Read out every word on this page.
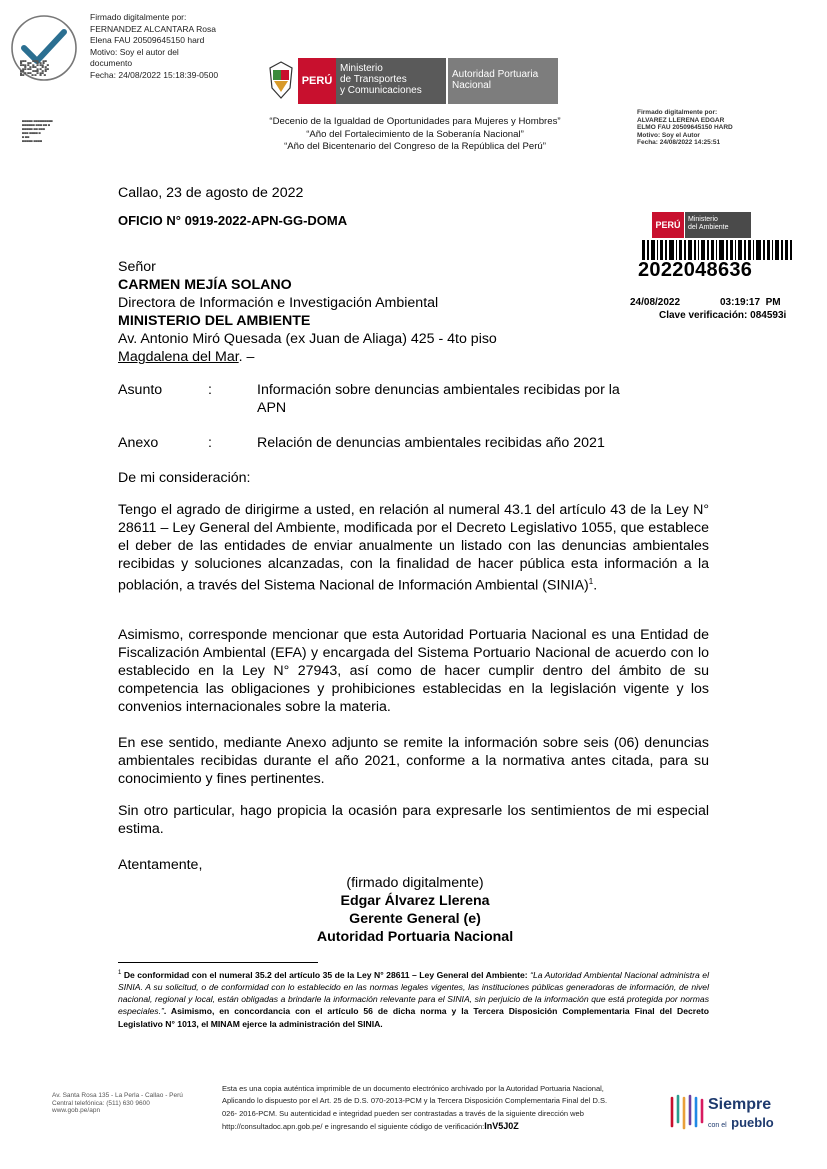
█▀▀ ▄▄ ▀▀█ ▄ █▀
▀▀█ ▀▄ █▄▀ ▀█ ▄▀
▄█▀ ▀▀ ▄▄█ ▀▄ █▀
█▄▀ ▀▀▄ ▄▀ █▀▄
Firmado digitalmente por:
FERNANDEZ ALCANTARA Rosa
Elena FAU 20509645150 hard
Motivo: Soy el autor del
documento
Fecha: 24/08/2022 15:18:39-0500
▀▀▀▀▀ ▀▀▀▀▀▀▀▀▀
▀▀▀▀▀▀ ▀▀▀ ▀▀ ▀
▀▀▀▀▀ ▀▀ ▀▀▀
▀▀▀ ▀▀▀▀ ▀
▀ ▀▀
▀▀▀▀▀ ▀▀▀▀
PERÚ
Ministerio
de Transportes
y Comunicaciones
Autoridad Portuaria
Nacional
Firmado digitalmente por:
ALVAREZ LLERENA EDGAR
ELMO FAU 20509645150 HARD
Motivo: Soy el Autor
Fecha: 24/08/2022 14:25:51
“Decenio de la Igualdad de Oportunidades para Mujeres y Hombres”
“Año del Fortalecimiento de la Soberanía Nacional”
“Año del Bicentenario del Congreso de la República del Perú”
PERÚ
Ministerio
del Ambiente
2022048636
24/08/2022	03:19:17  PM
Clave verificación: 084593i
Callao, 23 de agosto de 2022
OFICIO N° 0919-2022-APN-GG-DOMA
Señor
CARMEN MEJÍA SOLANO
Directora de Información e Investigación Ambiental
MINISTERIO DEL AMBIENTE
Av. Antonio Miró Quesada (ex Juan de Aliaga) 425 - 4to piso
Magdalena del Mar. –
Asunto	:	Información sobre denuncias ambientales recibidas por la
APN
Anexo	:	Relación de denuncias ambientales recibidas año 2021
De mi consideración:
Tengo el agrado de dirigirme a usted, en relación al numeral 43.1 del artículo 43 de la Ley N° 28611 – Ley General del Ambiente, modificada por el Decreto Legislativo 1055, que establece el deber de las entidades de enviar anualmente un listado con las denuncias ambientales recibidas y soluciones alcanzadas, con la finalidad de hacer pública esta información a la población, a través del Sistema Nacional de Información Ambiental (SINIA)$^1$.
Asimismo, corresponde mencionar que esta Autoridad Portuaria Nacional es una Entidad de Fiscalización Ambiental (EFA) y encargada del Sistema Portuario Nacional de acuerdo con lo establecido en la Ley N° 27943, así como de hacer cumplir dentro del ámbito de su competencia las obligaciones y prohibiciones establecidas en la legislación vigente y los convenios internacionales sobre la materia.
En ese sentido, mediante Anexo adjunto se remite la información sobre seis (06) denuncias ambientales recibidas durante el año 2021, conforme a la normativa antes citada, para su conocimiento y fines pertinentes.
Sin otro particular, hago propicia la ocasión para expresarle los sentimientos de mi especial estima.
Atentamente,
(firmado digitalmente)
Edgar Álvarez Llerena
Gerente General (e)
Autoridad Portuaria Nacional
$^1$ De conformidad con el numeral 35.2 del artículo 35 de la Ley N° 28611 – Ley General del Ambiente: “La Autoridad Ambiental Nacional administra el SINIA. A su solicitud, o de conformidad con lo establecido en las normas legales vigentes, las instituciones públicas generadoras de información, de nivel nacional, regional y local, están obligadas a brindarle la información relevante para el SINIA, sin perjuicio de la información que está protegida por normas especiales.”. Asimismo, en concordancia con el artículo 56 de dicha norma y la Tercera Disposición Complementaria Final del Decreto Legislativo N° 1013, el MINAM ejerce la administración del SINIA.
Av. Santa Rosa 135 - La Perla - Callao - Perú
Central telefónica: (511) 630 9600
www.gob.pe/apn
Esta es una copia auténtica imprimible de un documento electrónico archivado por la Autoridad Portuaria Nacional,
Aplicando lo dispuesto por el Art. 25 de D.S. 070-2013-PCM y la Tercera Disposición Complementaria Final del D.S.
026- 2016-PCM. Su autenticidad e integridad pueden ser contrastadas a través de la siguiente dirección web
http://consultadoc.apn.gob.pe/ e ingresando el siguiente código de verificación:InV5J0Z
Siempre
con el pueblo
